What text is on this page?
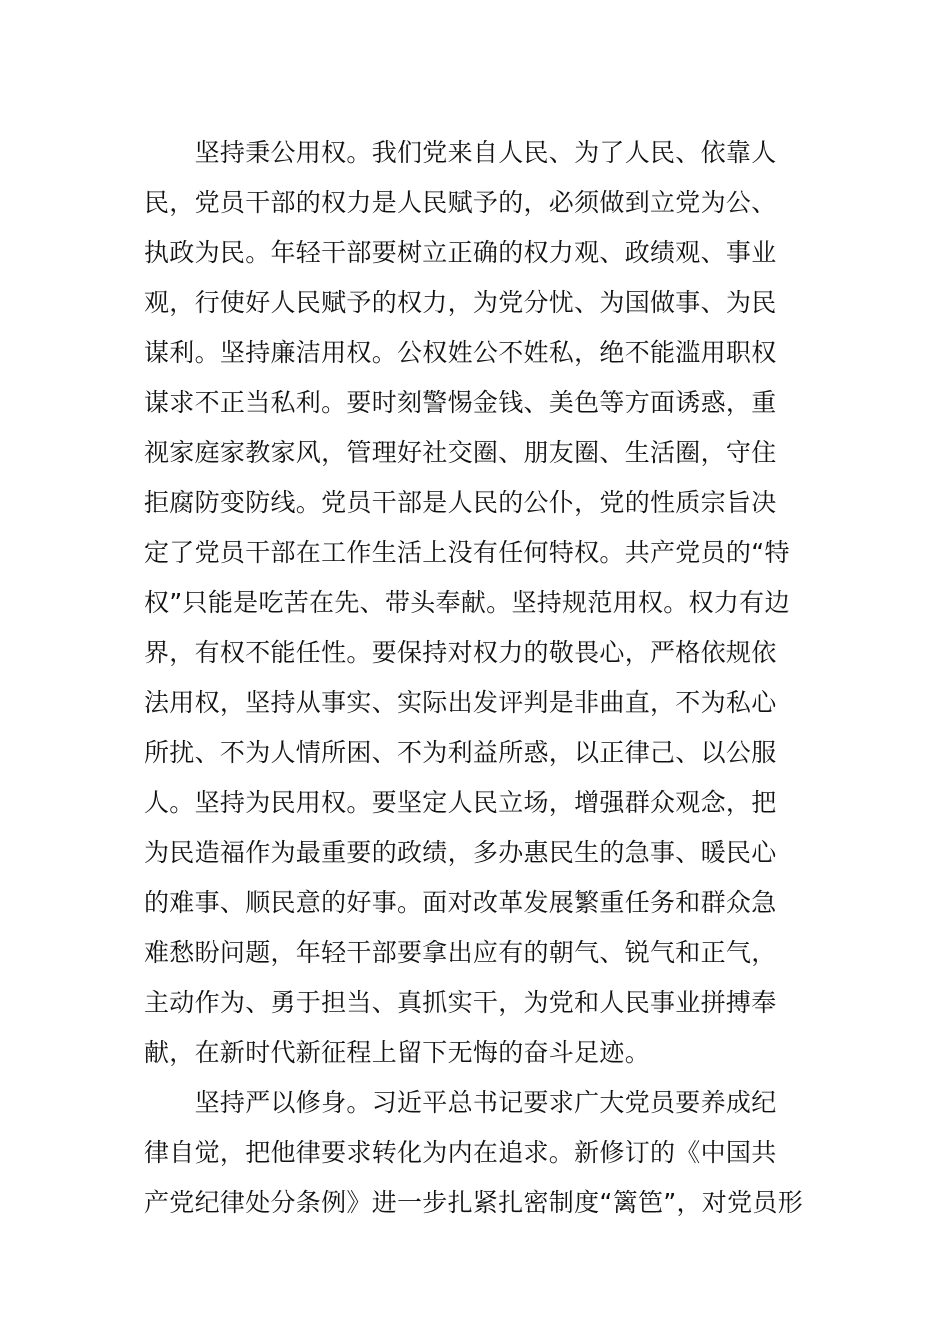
　　坚持秉公用权。我们党来自人民、为了人民、依靠人
民，党员干部的权力是人民赋予的，必须做到立党为公、
执政为民。年轻干部要树立正确的权力观、政绩观、事业
观，行使好人民赋予的权力，为党分忧、为国做事、为民
谋利。坚持廉洁用权。公权姓公不姓私，绝不能滥用职权
谋求不正当私利。要时刻警惕金钱、美色等方面诱惑，重
视家庭家教家风，管理好社交圈、朋友圈、生活圈，守住
拒腐防变防线。党员干部是人民的公仆，党的性质宗旨决
定了党员干部在工作生活上没有任何特权。共产党员的“特
权”只能是吃苦在先、带头奉献。坚持规范用权。权力有边
界，有权不能任性。要保持对权力的敬畏心，严格依规依
法用权，坚持从事实、实际出发评判是非曲直，不为私心
所扰、不为人情所困、不为利益所惑，以正律己、以公服
人。坚持为民用权。要坚定人民立场，增强群众观念，把
为民造福作为最重要的政绩，多办惠民生的急事、暖民心
的难事、顺民意的好事。面对改革发展繁重任务和群众急
难愁盼问题，年轻干部要拿出应有的朝气、锐气和正气，
主动作为、勇于担当、真抓实干，为党和人民事业拼搏奉
献，在新时代新征程上留下无悔的奋斗足迹。
　　坚持严以修身。习近平总书记要求广大党员要养成纪
律自觉，把他律要求转化为内在追求。新修订的《中国共
产党纪律处分条例》进一步扎紧扎密制度“篱笆”，对党员形
